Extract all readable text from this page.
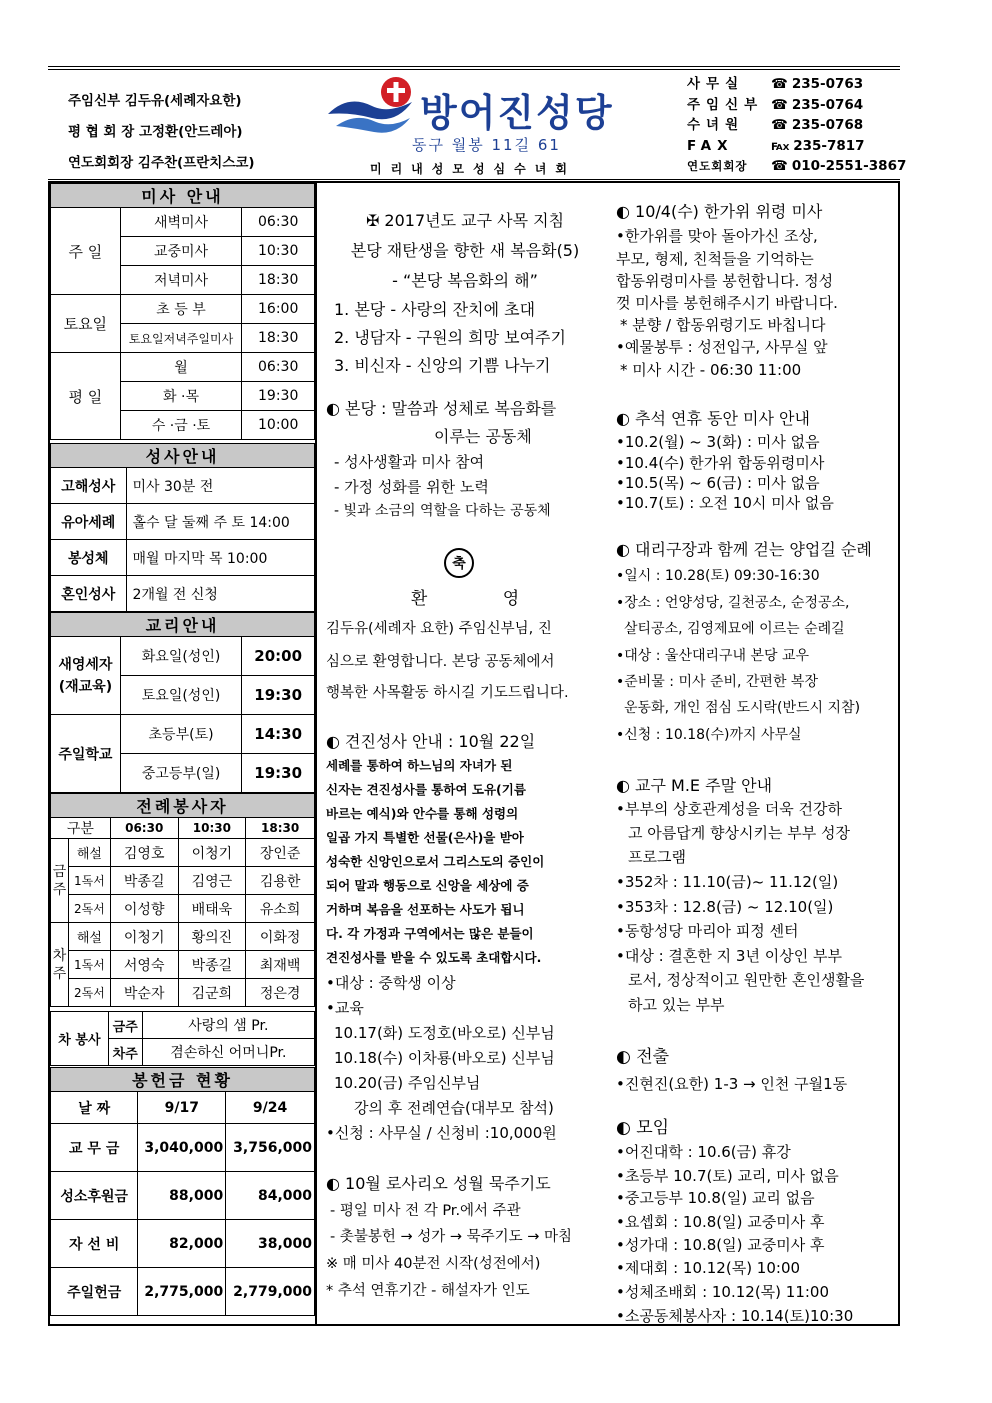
주임신부 김두유(세례자요한)
평 협 회 장 고정환(안드레아)
연도회회장 김주찬(프란치스코)
방어진성당
동구 월봉 11길 61
미리내성모성심수녀회
사무실	☎ 235-0763
주임신부 ☎ 235-0764
수녀원	☎ 235-0768
FAX	℻ 235-7817
연도회회장	☎ 010-2551-3867
미사 안내		
주 일	새벽미사	06:30
	교중미사	10:30
	저녁미사	18:30
토요일	초 등 부	16:00
	토요일저녁주일미사	18:30
평 일	월	06:30
	화 ·목	19:30
	수 ·금 ·토	10:00
성사안내	
고해성사	미사 30분 전
유아세례	홀수 달 둘째 주 토 14:00
봉성체	매월 마지막 목 10:00
혼인성사	2개월 전 신청
교리안내		

새영세자
(재교육)	화요일(성인)	20:00
	토요일(성인)	19:30
주일학교	초등부(토)	14:30
	중고등부(일)	19:30
전례봉사자				
구분		06:30	10:30	18:30
금주	해설	김영호	이청기	장인준
	1독서	박종길	김영근	김용한
	2독서	이성향	배태욱	유소희
차주	해설	이청기	황의진	이화정
	1독서	서영숙	박종길	최재백
	2독서	박순자	김군희	정은경
차 봉사	금주	사랑의 샘 Pr.
	차주	겸손하신 어머니Pr.
봉헌금 현황		
날 짜	9/17	9/24
교 무 금	3,040,000	3,756,000
성소후원금	88,000	84,000
자 선 비	82,000	38,000
주일헌금	2,775,000	2,779,000
✠ 2017년도 교구 사목 지침
본당 재탄생을 향한 새 복음화(5)
- “본당 복음화의 해”
1. 본당 - 사랑의 잔치에 초대
2. 냉담자 - 구원의 희망 보여주기
3. 비신자 - 신앙의 기쁨 나누기
◐ 본당 : 말씀과 성체로 복음화를
이루는 공동체
- 성사생활과 미사 참여
- 가정 성화를 위한 노력
- 빛과 소금의 역할을 다하는 공동체
축
환 영
김두유(세례자 요한) 주임신부님, 진
심으로 환영합니다. 본당 공동체에서
행복한 사목활동 하시길 기도드립니다.
◐ 견진성사 안내 : 10월 22일
세례를 통하여 하느님의 자녀가 된
신자는 견진성사를 통하여 도유(기름
바르는 예식)와 안수를 통해 성령의
일곱 가지 특별한 선물(은사)을 받아
성숙한 신앙인으로서 그리스도의 증인이
되어 말과 행동으로 신앙을 세상에 증
거하며 복음을 선포하는 사도가 됩니
다. 각 가정과 구역에서는 많은 분들이
견진성사를 받을 수 있도록 초대합시다.
•대상 : 중학생 이상
•교육
10.17(화) 도정호(바오로) 신부님
10.18(수) 이차룡(바오로) 신부님
10.20(금) 주임신부님
강의 후 전례연습(대부모 참석)
•신청 : 사무실 / 신청비 :10,000원
◐ 10월 로사리오 성월 묵주기도
- 평일 미사 전 각 Pr.에서 주관
- 촛불봉헌 → 성가 → 묵주기도 → 마침
※ 매 미사 40분전 시작(성전에서)
* 추석 연휴기간 - 해설자가 인도
◐ 10/4(수) 한가위 위령 미사
•한가위를 맞아 돌아가신 조상,
부모, 형제, 친척들을 기억하는
합동위령미사를 봉헌합니다. 정성
껏 미사를 봉헌해주시기 바랍니다.
* 분향 / 합동위령기도 바칩니다
•예물봉투 : 성전입구, 사무실 앞
* 미사 시간 - 06:30 11:00
◐ 추석 연휴 동안 미사 안내
•10.2(월) ~ 3(화) : 미사 없음
•10.4(수) 한가위 합동위령미사
•10.5(목) ~ 6(금) : 미사 없음
•10.7(토) : 오전 10시 미사 없음
◐ 대리구장과 함께 걷는 양업길 순례
•일시 : 10.28(토) 09:30-16:30
•장소 : 언양성당, 길천공소, 순정공소,
살티공소, 김영제묘에 이르는 순례길
•대상 : 울산대리구내 본당 교우
•준비물 : 미사 준비, 간편한 복장
운동화, 개인 점심 도시락(반드시 지참)
•신청 : 10.18(수)까지 사무실
◐ 교구 M.E 주말 안내
•부부의 상호관계성을 더욱 건강하
고 아름답게 향상시키는 부부 성장
프로그램
•352차 : 11.10(금)~ 11.12(일)
•353차 : 12.8(금) ~ 12.10(일)
•동항성당 마리아 피정 센터
•대상 : 결혼한 지 3년 이상인 부부
로서, 정상적이고 원만한 혼인생활을
하고 있는 부부
◐ 전출
•진현진(요한) 1-3 → 인천 구월1동
◐ 모임
•어진대학 : 10.6(금) 휴강
•초등부 10.7(토) 교리, 미사 없음
•중고등부 10.8(일) 교리 없음
•요셉회 : 10.8(일) 교중미사 후
•성가대 : 10.8(일) 교중미사 후
•제대회 : 10.12(목) 10:00
•성체조배회 : 10.12(목) 11:00
•소공동체봉사자 : 10.14(토)10:30
